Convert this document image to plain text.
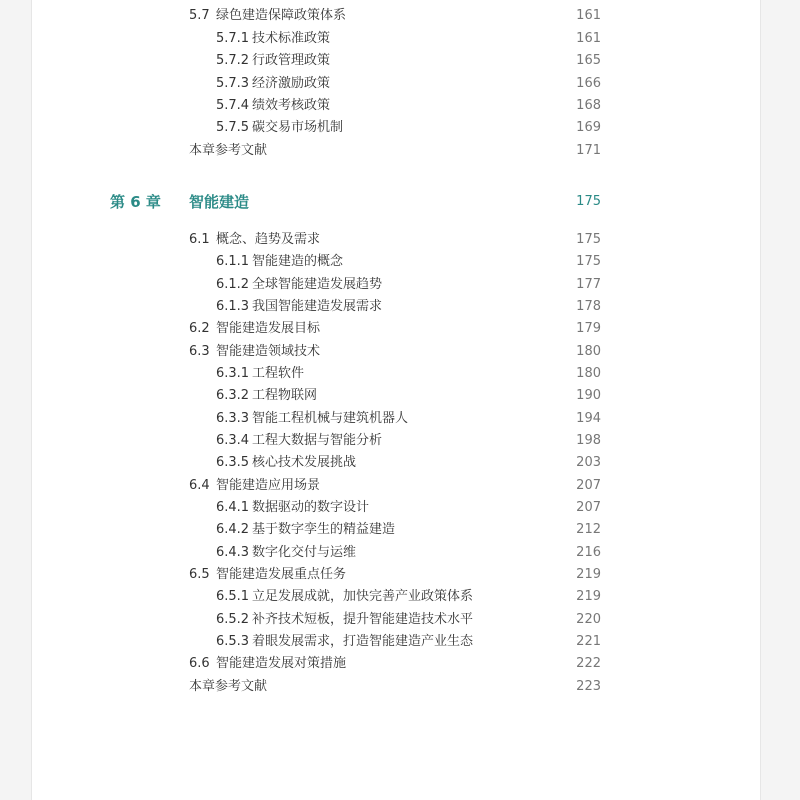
5.7 绿色建造保障政策体系	161
5.7.1 技术标准政策	161
5.7.2 行政管理政策	165
5.7.3 经济激励政策	166
5.7.4 绩效考核政策	168
5.7.5 碳交易市场机制	169
本章参考文献	171
第 6 章 智能建造	175
6.1 概念、趋势及需求	175
6.1.1 智能建造的概念	175
6.1.2 全球智能建造发展趋势	177
6.1.3 我国智能建造发展需求	178
6.2 智能建造发展目标	179
6.3 智能建造领域技术	180
6.3.1 工程软件	180
6.3.2 工程物联网	190
6.3.3 智能工程机械与建筑机器人	194
6.3.4 工程大数据与智能分析	198
6.3.5 核心技术发展挑战	203
6.4 智能建造应用场景	207
6.4.1 数据驱动的数字设计	207
6.4.2 基于数字孪生的精益建造	212
6.4.3 数字化交付与运维	216
6.5 智能建造发展重点任务	219
6.5.1 立足发展成就，加快完善产业政策体系	219
6.5.2 补齐技术短板，提升智能建造技术水平	220
6.5.3 着眼发展需求，打造智能建造产业生态	221
6.6 智能建造发展对策措施	222
本章参考文献	223
